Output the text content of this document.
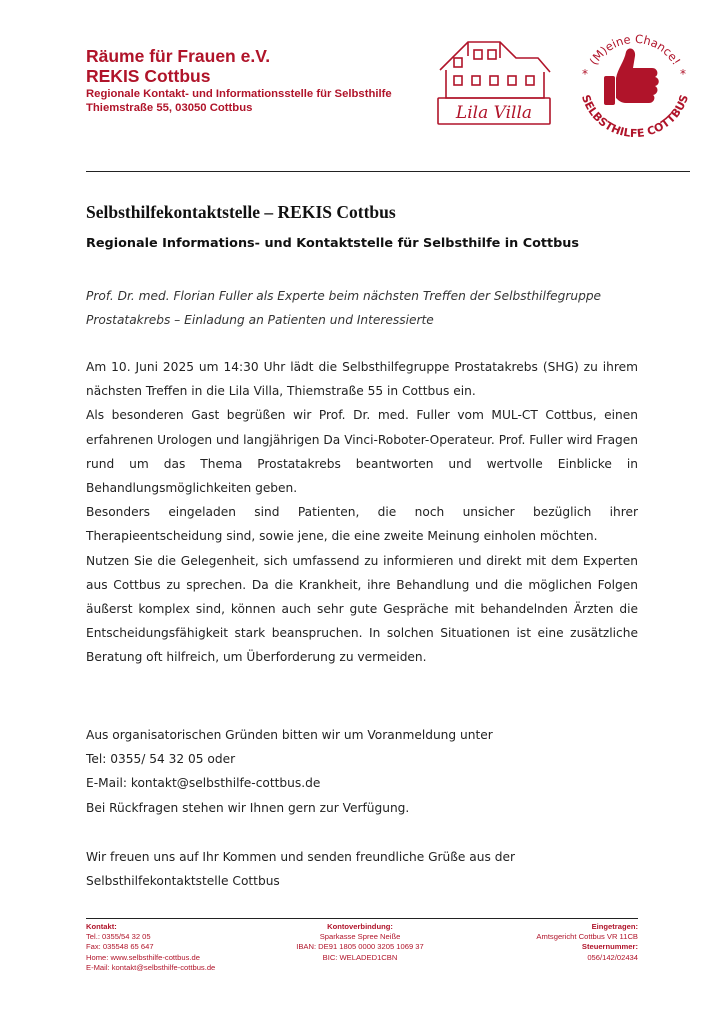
Räume für Frauen e.V.
REKIS Cottbus
Regionale Kontakt- und Informationsstelle für Selbsthilfe
Thiemstraße 55, 03050 Cottbus	Lila Villa
(M)eine Chance!
SELBSTHILFE COTTBUS
*	*
Selbsthilfekontaktstelle – REKIS Cottbus
Regionale Informations- und Kontaktstelle für Selbsthilfe in Cottbus
Prof. Dr. med. Florian Fuller als Experte beim nächsten Treffen der Selbsthilfegruppe Prostatakrebs – Einladung an Patienten und Interessierte

Am 10. Juni 2025 um 14:30 Uhr lädt die Selbsthilfegruppe Prostatakrebs (SHG) zu ihrem nächsten Treffen in die Lila Villa, Thiemstraße 55 in Cottbus ein.

Als besonderen Gast begrüßen wir Prof. Dr. med. Fuller vom MUL-CT Cottbus, einen erfahrenen Urologen und langjährigen Da Vinci-Roboter-Operateur. Prof. Fuller wird Fragen rund um das Thema Prostatakrebs beantworten und wertvolle Einblicke in Behandlungsmöglichkeiten geben.

Besonders eingeladen sind Patienten, die noch unsicher bezüglich ihrer Therapieentscheidung sind, sowie jene, die eine zweite Meinung einholen möchten.

Nutzen Sie die Gelegenheit, sich umfassend zu informieren und direkt mit dem Experten aus Cottbus zu sprechen. Da die Krankheit, ihre Behandlung und die möglichen Folgen äußerst komplex sind, können auch sehr gute Gespräche mit behandelnden Ärzten die Entscheidungsfähigkeit stark beanspruchen. In solchen Situationen ist eine zusätzliche Beratung oft hilfreich, um Überforderung zu vermeiden.

Aus organisatorischen Gründen bitten wir um Voranmeldung unter
Tel: 0355/ 54 32 05 oder
E-Mail: kontakt@selbsthilfe-cottbus.de
Bei Rückfragen stehen wir Ihnen gern zur Verfügung.
Wir freuen uns auf Ihr Kommen und senden freundliche Grüße aus der
Selbsthilfekontaktstelle Cottbus
Kontakt:
Tel.: 0355/54 32 05
Fax: 035548 65 647
Home: www.selbsthilfe-cottbus.de
E-Mail: kontakt@selbsthilfe-cottbus.de
Kontoverbindung:
Sparkasse Spree Neiße
IBAN: DE91 1805 0000 3205 1069 37
BIC: WELADED1CBN
Eingetragen:
Amtsgericht Cottbus VR 11CB
Steuernummer:
056/142/02434
